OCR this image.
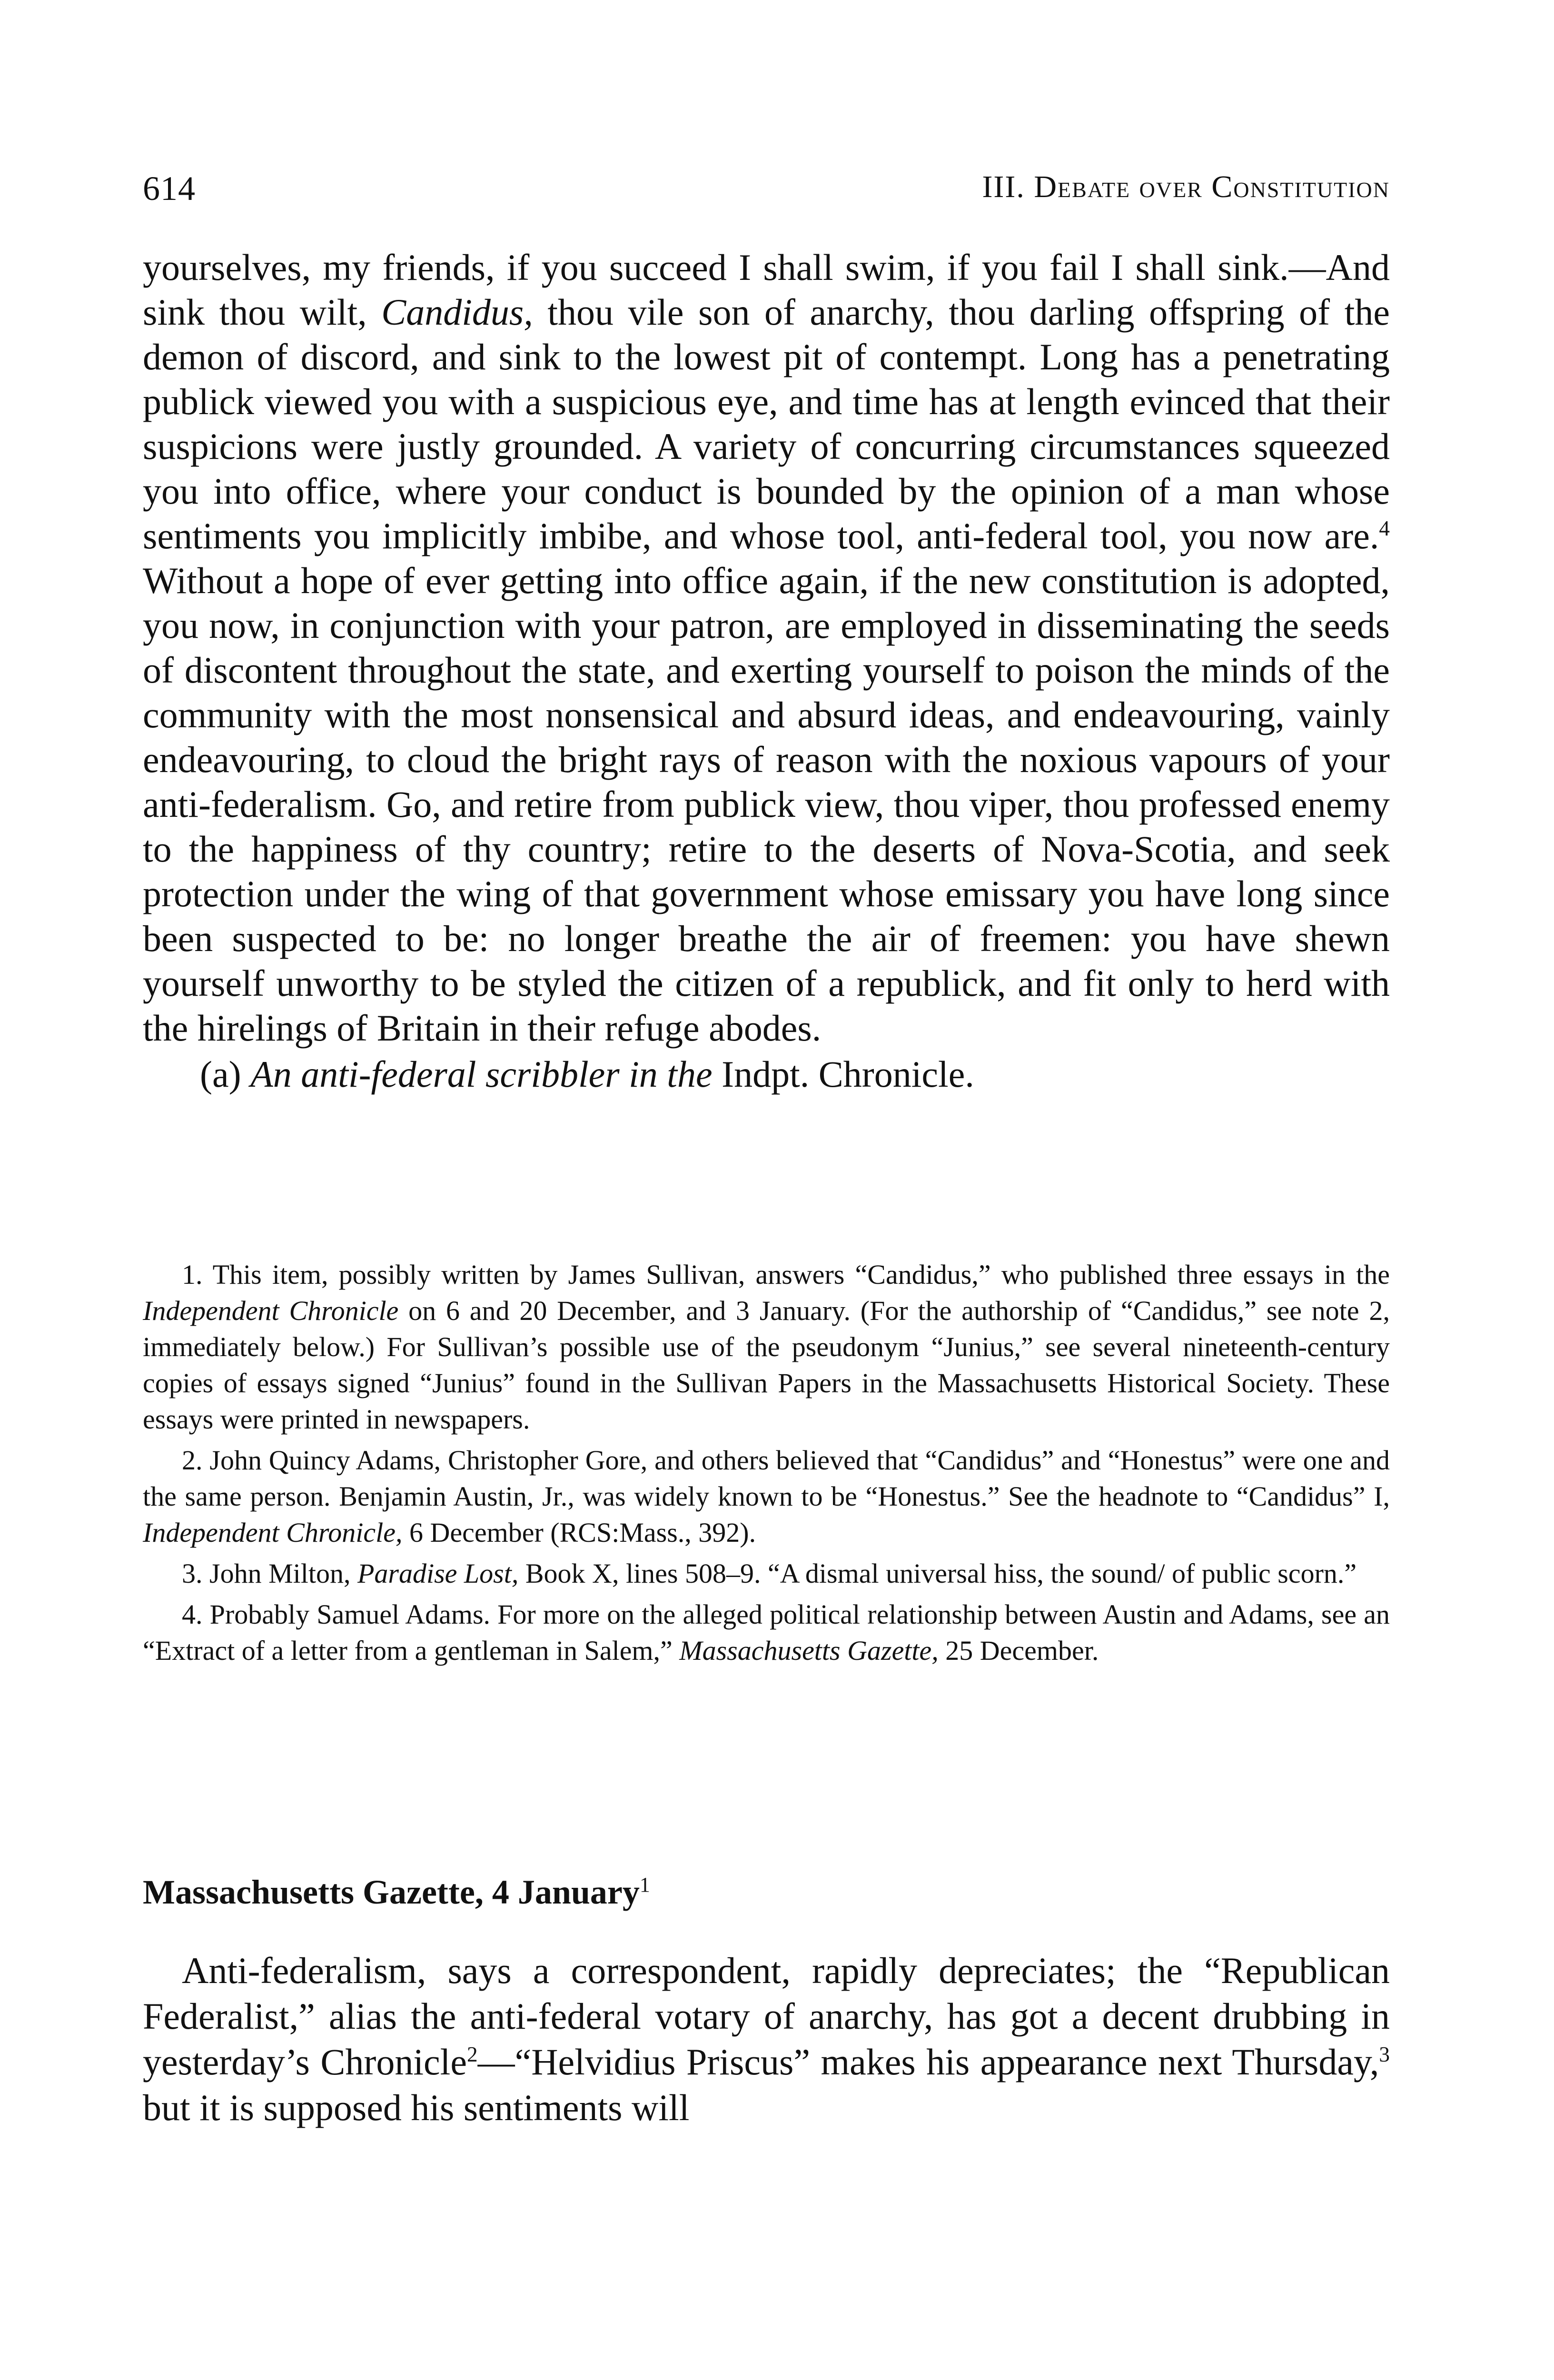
614	III. Debate over Constitution

yourselves, my friends, if you succeed I shall swim, if you fail I shall sink.—And sink thou wilt, Candidus, thou vile son of anarchy, thou darling offspring of the demon of discord, and sink to the lowest pit of contempt. Long has a penetrating publick viewed you with a suspicious eye, and time has at length evinced that their suspicions were justly grounded. A variety of concurring circumstances squeezed you into office, where your conduct is bounded by the opinion of a man whose sentiments you implicitly imbibe, and whose tool, anti-federal tool, you now are.$^4$ Without a hope of ever getting into office again, if the new constitution is adopted, you now, in conjunction with your patron, are employed in disseminating the seeds of discontent throughout the state, and exerting yourself to poison the minds of the community with the most nonsensical and absurd ideas, and endeavouring, vainly endeavouring, to cloud the bright rays of reason with the noxious vapours of your anti-federalism. Go, and retire from publick view, thou viper, thou professed enemy to the happiness of thy country; retire to the deserts of Nova-Scotia, and seek protection under the wing of that government whose emissary you have long since been suspected to be: no longer breathe the air of freemen: you have shewn yourself unworthy to be styled the citizen of a republick, and fit only to herd with the hirelings of Britain in their refuge abodes.

(a) An anti-federal scribbler in the Indpt. Chronicle.

1. This item, possibly written by James Sullivan, answers “Candidus,” who published three essays in the Independent Chronicle on 6 and 20 December, and 3 January. (For the authorship of “Candidus,” see note 2, immediately below.) For Sullivan’s possible use of the pseudonym “Junius,” see several nineteenth-century copies of essays signed “Junius” found in the Sullivan Papers in the Massachusetts Historical Society. These essays were printed in newspapers.

2. John Quincy Adams, Christopher Gore, and others believed that “Candidus” and “Honestus” were one and the same person. Benjamin Austin, Jr., was widely known to be “Honestus.” See the headnote to “Candidus” I, Independent Chronicle, 6 December (RCS:Mass., 392).

3. John Milton, Paradise Lost, Book X, lines 508–9. “A dismal universal hiss, the sound/ of public scorn.”

4. Probably Samuel Adams. For more on the alleged political relationship between Austin and Adams, see an “Extract of a letter from a gentleman in Salem,” Massachusetts Gazette, 25 December.

Massachusetts Gazette, 4 January$^1$

Anti-federalism, says a correspondent, rapidly depreciates; the “Republican Federalist,” alias the anti-federal votary of anarchy, has got a decent drubbing in yesterday’s Chronicle$^2$—“Helvidius Priscus” makes his appearance next Thursday,$^3$ but it is supposed his sentiments will
